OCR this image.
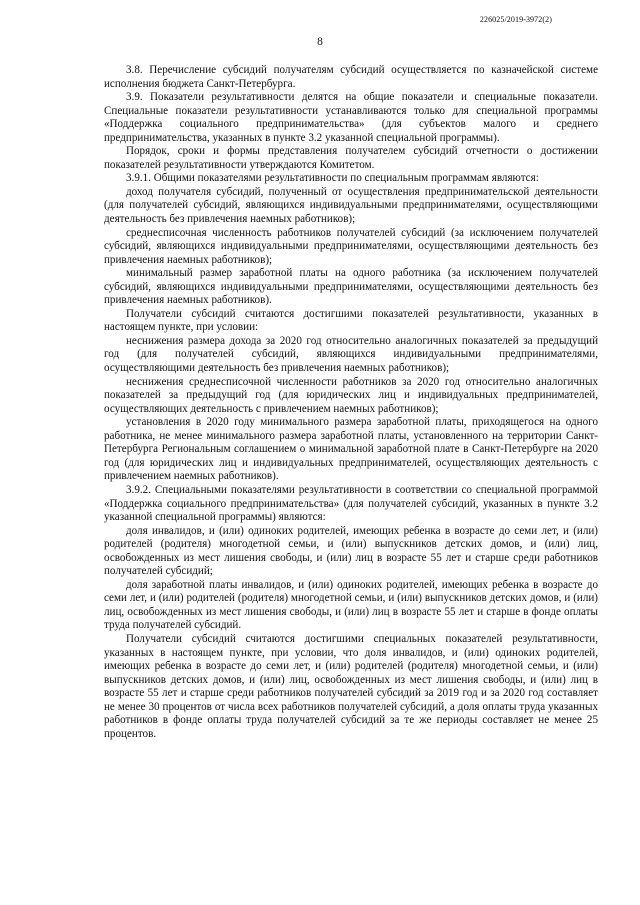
226025/2019-3972(2)
8

3.8. Перечисление субсидий получателям субсидий осуществляется по казначейской системе исполнения бюджета Санкт-Петербурга.

3.9. Показатели результативности делятся на общие показатели и специальные показатели. Специальные показатели результативности устанавливаются только для специальной программы «Поддержка социального предпринимательства» (для субъектов малого и среднего предпринимательства, указанных в пункте 3.2 указанной специальной программы).

Порядок, сроки и формы представления получателем субсидий отчетности о достижении показателей результативности утверждаются Комитетом.

3.9.1. Общими показателями результативности по специальным программам являются:

доход получателя субсидий, полученный от осуществления предпринимательской деятельности (для получателей субсидий, являющихся индивидуальными предпринимателями, осуществляющими деятельность без привлечения наемных работников);

среднесписочная численность работников получателей субсидий (за исключением получателей субсидий, являющихся индивидуальными предпринимателями, осуществляющими деятельность без привлечения наемных работников);

минимальный размер заработной платы на одного работника (за исключением получателей субсидий, являющихся индивидуальными предпринимателями, осуществляющими деятельность без привлечения наемных работников).

Получатели субсидий считаются достигшими показателей результативности, указанных в настоящем пункте, при условии:

неснижения размера дохода за 2020 год относительно аналогичных показателей за предыдущий год (для получателей субсидий, являющихся индивидуальными предпринимателями, осуществляющими деятельность без привлечения наемных работников);

неснижения среднесписочной численности работников за 2020 год относительно аналогичных показателей за предыдущий год (для юридических лиц и индивидуальных предпринимателей, осуществляющих деятельность с привлечением наемных работников);

установления в 2020 году минимального размера заработной платы, приходящегося на одного работника, не менее минимального размера заработной платы, установленного на территории Санкт-Петербурга Региональным соглашением о минимальной заработной плате в Санкт-Петербурге на 2020 год (для юридических лиц и индивидуальных предпринимателей, осуществляющих деятельность с привлечением наемных работников).

3.9.2. Специальными показателями результативности в соответствии со специальной программой «Поддержка социального предпринимательства» (для получателей субсидий, указанных в пункте 3.2 указанной специальной программы) являются:

доля инвалидов, и (или) одиноких родителей, имеющих ребенка в возрасте до семи лет, и (или) родителей (родителя) многодетной семьи, и (или) выпускников детских домов, и (или) лиц, освобожденных из мест лишения свободы, и (или) лиц в возрасте 55 лет и старше среди работников получателей субсидий;

доля заработной платы инвалидов, и (или) одиноких родителей, имеющих ребенка в возрасте до семи лет, и (или) родителей (родителя) многодетной семьи, и (или) выпускников детских домов, и (или) лиц, освобожденных из мест лишения свободы, и (или) лиц в возрасте 55 лет и старше в фонде оплаты труда получателей субсидий.

Получатели субсидий считаются достигшими специальных показателей результативности, указанных в настоящем пункте, при условии, что доля инвалидов, и (или) одиноких родителей, имеющих ребенка в возрасте до семи лет, и (или) родителей (родителя) многодетной семьи, и (или) выпускников детских домов, и (или) лиц, освобожденных из мест лишения свободы, и (или) лиц в возрасте 55 лет и старше среди работников получателей субсидий за 2019 год и за 2020 год составляет не менее 30 процентов от числа всех работников получателей субсидий, а доля оплаты труда указанных работников в фонде оплаты труда получателей субсидий за те же периоды составляет не менее 25 процентов.
